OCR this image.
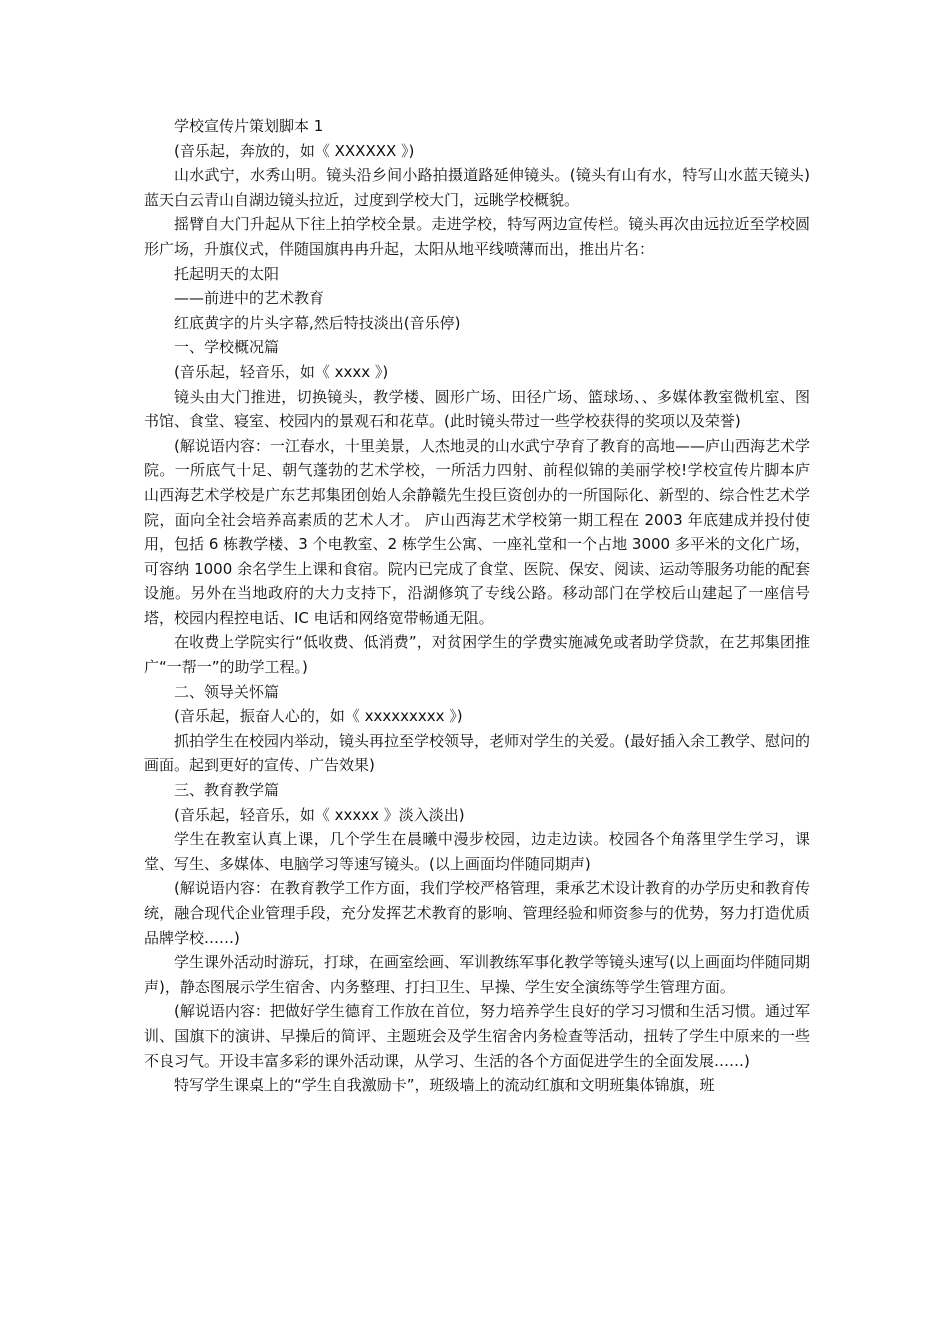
学校宣传片策划脚本 1

(音乐起，奔放的，如《 XXXXXX 》)

山水武宁，水秀山明。镜头沿乡间小路拍摄道路延伸镜头。(镜头有山有水，特写山水蓝天镜头)蓝天白云青山自湖边镜头拉近，过度到学校大门，远眺学校概貌。

摇臂自大门升起从下往上拍学校全景。走进学校，特写两边宣传栏。镜头再次由远拉近至学校圆形广场，升旗仪式，伴随国旗冉冉升起，太阳从地平线喷薄而出，推出片名：

托起明天的太阳

——前进中的艺术教育

红底黄字的片头字幕,然后特技淡出(音乐停)

一、学校概况篇

(音乐起，轻音乐，如《 xxxx 》)

镜头由大门推进，切换镜头，教学楼、圆形广场、田径广场、篮球场、、多媒体教室微机室、图书馆、食堂、寝室、校园内的景观石和花草。(此时镜头带过一些学校获得的奖项以及荣誉)

(解说语内容：一江春水，十里美景，人杰地灵的山水武宁孕育了教育的高地——庐山西海艺术学院。一所底气十足、朝气蓬勃的艺术学校，一所活力四射、前程似锦的美丽学校!学校宣传片脚本庐山西海艺术学校是广东艺邦集团创始人余静赣先生投巨资创办的一所国际化、新型的、综合性艺术学院，面向全社会培养高素质的艺术人才。 庐山西海艺术学校第一期工程在 2003 年底建成并投付使用，包括 6 栋教学楼、3 个电教室、2 栋学生公寓、一座礼堂和一个占地 3000 多平米的文化广场，可容纳 1000 余名学生上课和食宿。院内已完成了食堂、医院、保安、阅读、运动等服务功能的配套设施。另外在当地政府的大力支持下，沿湖修筑了专线公路。移动部门在学校后山建起了一座信号塔，校园内程控电话、IC 电话和网络宽带畅通无阻。

在收费上学院实行“低收费、低消费”，对贫困学生的学费实施减免或者助学贷款，在艺邦集团推广“一帮一”的助学工程。)

二、领导关怀篇

(音乐起，振奋人心的，如《 xxxxxxxxx 》)

抓拍学生在校园内举动，镜头再拉至学校领导，老师对学生的关爱。(最好插入余工教学、慰问的画面。起到更好的宣传、广告效果)

三、教育教学篇

(音乐起，轻音乐，如《 xxxxx 》淡入淡出)

学生在教室认真上课，几个学生在晨曦中漫步校园，边走边读。校园各个角落里学生学习，课堂、写生、多媒体、电脑学习等速写镜头。(以上画面均伴随同期声)

(解说语内容：在教育教学工作方面，我们学校严格管理，秉承艺术设计教育的办学历史和教育传统，融合现代企业管理手段，充分发挥艺术教育的影响、管理经验和师资参与的优势，努力打造优质品牌学校……)

学生课外活动时游玩，打球，在画室绘画、军训教练军事化教学等镜头速写(以上画面均伴随同期声)，静态图展示学生宿舍、内务整理、打扫卫生、早操、学生安全演练等学生管理方面。

(解说语内容：把做好学生德育工作放在首位，努力培养学生良好的学习习惯和生活习惯。通过军训、国旗下的演讲、早操后的简评、主题班会及学生宿舍内务检查等活动，扭转了学生中原来的一些不良习气。开设丰富多彩的课外活动课，从学习、生活的各个方面促进学生的全面发展……)

特写学生课桌上的“学生自我激励卡”，班级墙上的流动红旗和文明班集体锦旗，班
